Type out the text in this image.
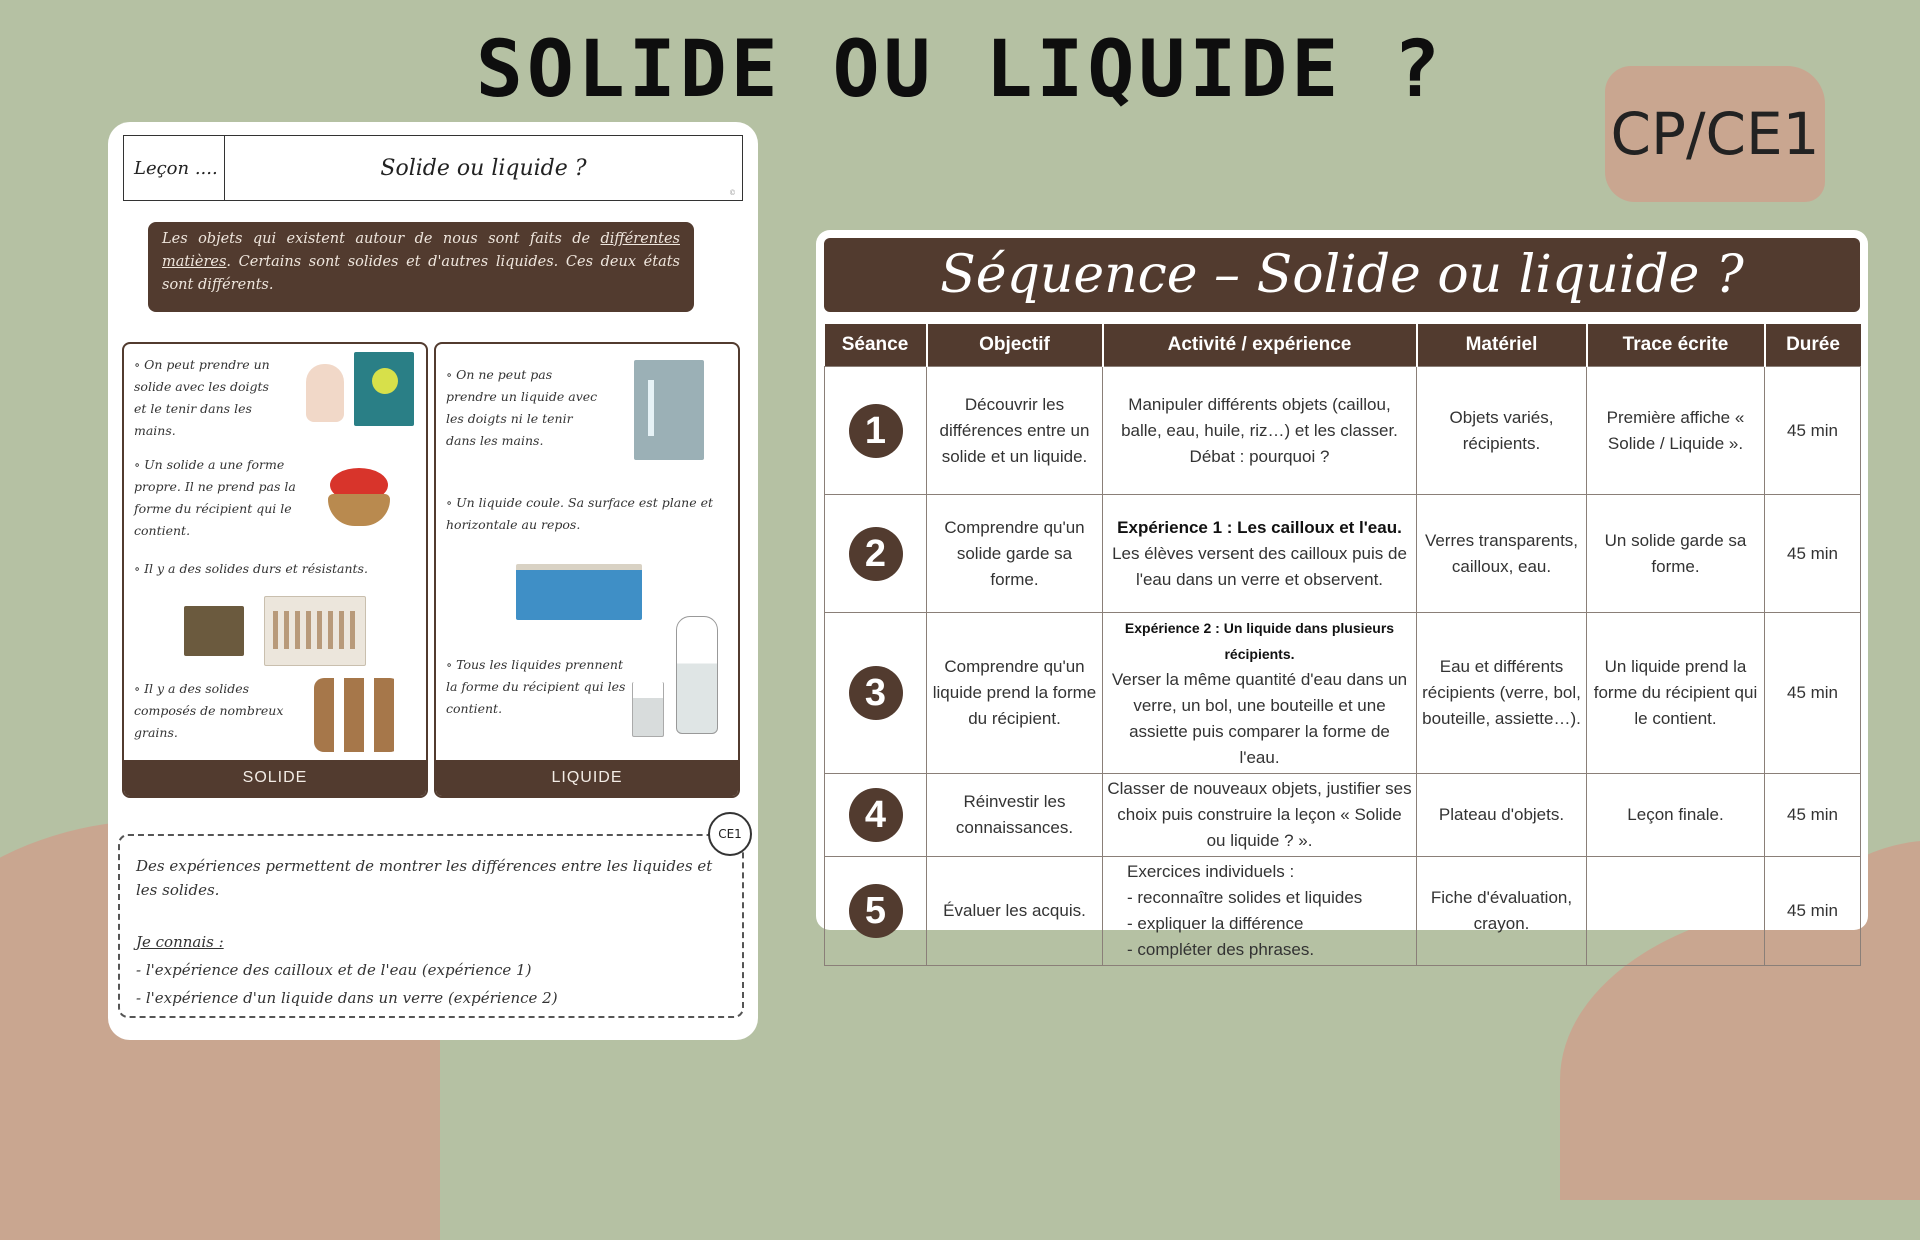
SOLIDE OU LIQUIDE ?
CP/CE1
Leçon ....	Solide ou liquide ?
©
Les objets qui existent autour de nous sont faits de différentes matières. Certains sont solides et d'autres liquides. Ces deux états sont différents.
∘ On peut prendre un solide avec les doigts et le tenir dans les mains.
∘ Un solide a une forme propre. Il ne prend pas la forme du récipient qui le contient.
∘ Il y a des solides durs et résistants.
∘ Il y a des solides composés de nombreux grains.
SOLIDE
∘ On ne peut pas prendre un liquide avec les doigts ni le tenir dans les mains.
∘ Un liquide coule. Sa surface est plane et horizontale au repos.
∘ Tous les liquides prennent la forme du récipient qui les contient.
LIQUIDE
Des expériences permettent de montrer les différences entre les liquides et les solides.
Je connais :
- l'expérience des cailloux et de l'eau (expérience 1)
- l'expérience d'un liquide dans un verre (expérience 2)
CE1
Séquence – Solide ou liquide ?
Séance	Objectif	Activité / expérience	Matériel	Trace écrite	Durée
1	Découvrir les différences entre un solide et un liquide.	Manipuler différents objets (caillou, balle, eau, huile, riz…) et les classer. Débat : pourquoi ?	Objets variés, récipients.	Première affiche « Solide / Liquide ».	45 min
2	Comprendre qu'un solide garde sa forme.	Expérience 1 : Les cailloux et l'eau.
Les élèves versent des cailloux puis de l'eau dans un verre et observent.	Verres transparents, cailloux, eau.	Un solide garde sa forme.	45 min
3	Comprendre qu'un liquide prend la forme du récipient.	Expérience 2 : Un liquide dans plusieurs récipients.
Verser la même quantité d'eau dans un verre, un bol, une bouteille et une assiette puis comparer la forme de l'eau.	Eau et différents récipients (verre, bol, bouteille, assiette…).	Un liquide prend la forme du récipient qui le contient.	45 min
4	Réinvestir les connaissances.	Classer de nouveaux objets, justifier ses choix puis construire la leçon « Solide ou liquide ? ».	Plateau d'objets.	Leçon finale.	45 min
5	Évaluer les acquis.	Exercices individuels :
- reconnaître solides et liquides
- expliquer la différence
- compléter des phrases.	Fiche d'évaluation, crayon.		45 min
